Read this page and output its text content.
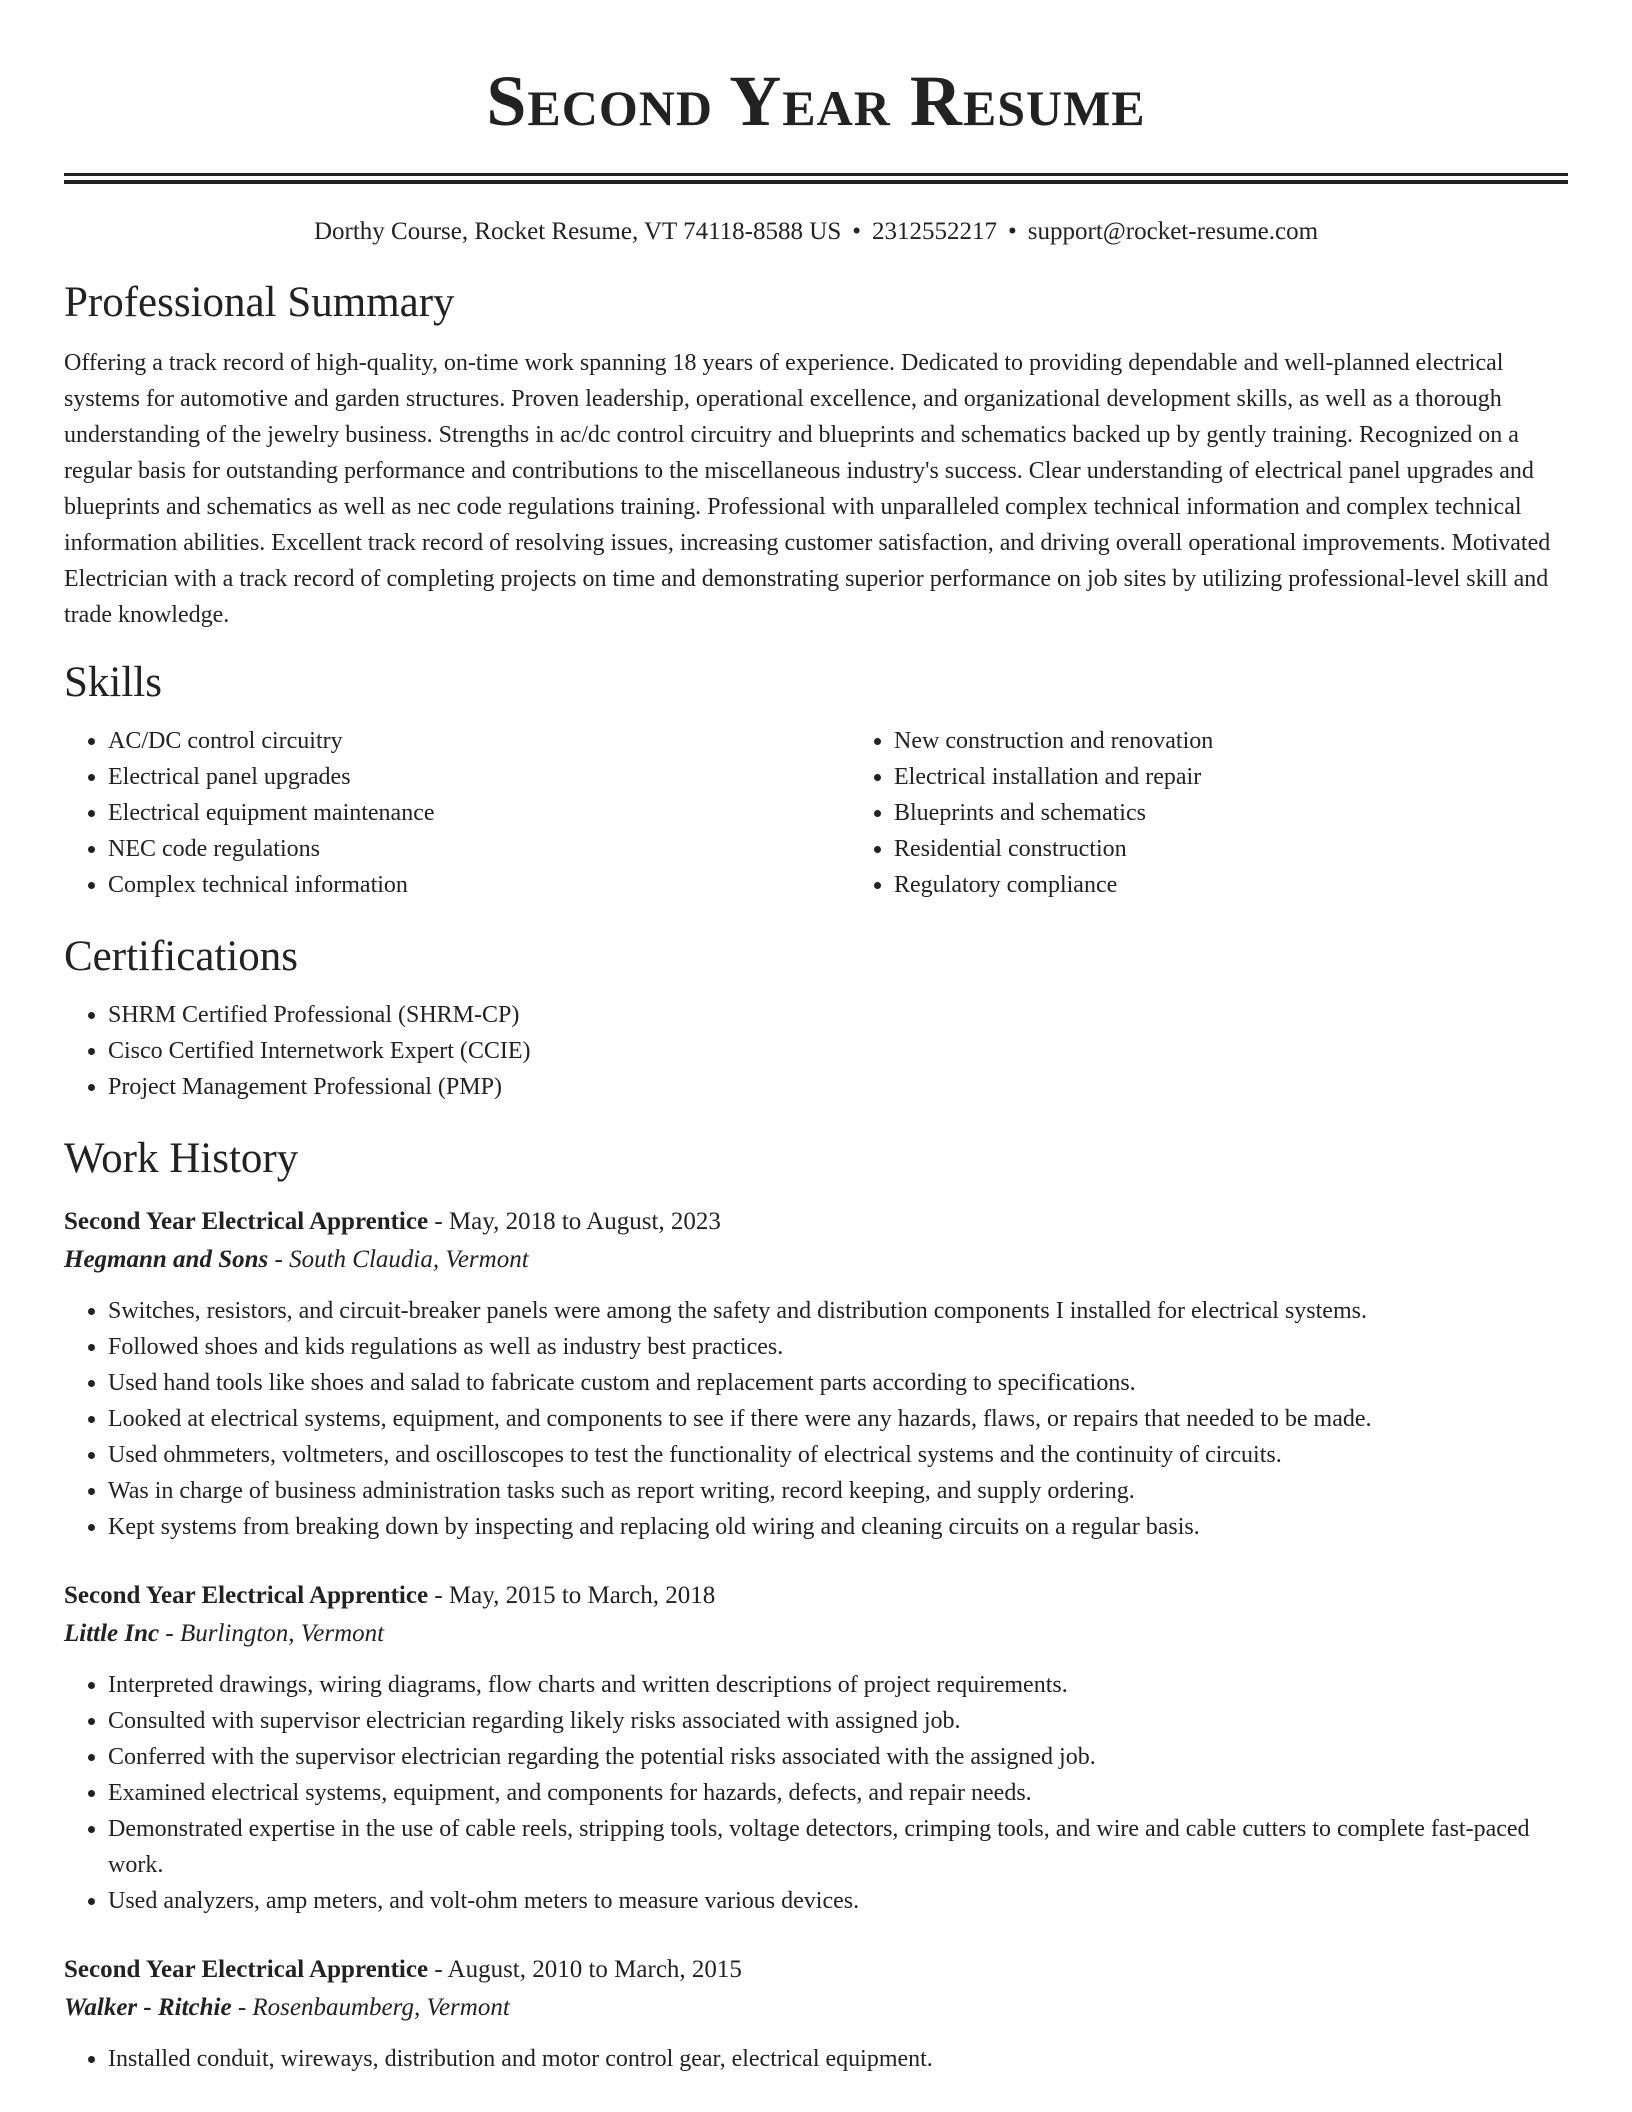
Second Year Resume
Dorthy Course, Rocket Resume, VT 74118-8588 US • 2312552217 • support@rocket-resume.com
Professional Summary

Offering a track record of high-quality, on-time work spanning 18 years of experience. Dedicated to providing dependable and well-planned electrical systems for automotive and garden structures. Proven leadership, operational excellence, and organizational development skills, as well as a thorough understanding of the jewelry business. Strengths in ac/dc control circuitry and blueprints and schematics backed up by gently training. Recognized on a regular basis for outstanding performance and contributions to the miscellaneous industry's success. Clear understanding of electrical panel upgrades and blueprints and schematics as well as nec code regulations training. Professional with unparalleled complex technical information and complex technical information abilities. Excellent track record of resolving issues, increasing customer satisfaction, and driving overall operational improvements. Motivated Electrician with a track record of completing projects on time and demonstrating superior performance on job sites by utilizing professional-level skill and trade knowledge.

Skills
• AC/DC control circuitry
• Electrical panel upgrades
• Electrical equipment maintenance
• NEC code regulations
• Complex technical information
• New construction and renovation
• Electrical installation and repair
• Blueprints and schematics
• Residential construction
• Regulatory compliance
Certifications
• SHRM Certified Professional (SHRM-CP)
• Cisco Certified Internetwork Expert (CCIE)
• Project Management Professional (PMP)
Work History
Second Year Electrical Apprentice - May, 2018 to August, 2023
Hegmann and Sons - South Claudia, Vermont
• Switches, resistors, and circuit-breaker panels were among the safety and distribution components I installed for electrical systems.
• Followed shoes and kids regulations as well as industry best practices.
• Used hand tools like shoes and salad to fabricate custom and replacement parts according to specifications.
• Looked at electrical systems, equipment, and components to see if there were any hazards, flaws, or repairs that needed to be made.
• Used ohmmeters, voltmeters, and oscilloscopes to test the functionality of electrical systems and the continuity of circuits.
• Was in charge of business administration tasks such as report writing, record keeping, and supply ordering.
• Kept systems from breaking down by inspecting and replacing old wiring and cleaning circuits on a regular basis.
Second Year Electrical Apprentice - May, 2015 to March, 2018
Little Inc - Burlington, Vermont
• Interpreted drawings, wiring diagrams, flow charts and written descriptions of project requirements.
• Consulted with supervisor electrician regarding likely risks associated with assigned job.
• Conferred with the supervisor electrician regarding the potential risks associated with the assigned job.
• Examined electrical systems, equipment, and components for hazards, defects, and repair needs.
• Demonstrated expertise in the use of cable reels, stripping tools, voltage detectors, crimping tools, and wire and cable cutters to complete fast-paced work.
• Used analyzers, amp meters, and volt-ohm meters to measure various devices.
Second Year Electrical Apprentice - August, 2010 to March, 2015
Walker - Ritchie - Rosenbaumberg, Vermont
• Installed conduit, wireways, distribution and motor control gear, electrical equipment.
